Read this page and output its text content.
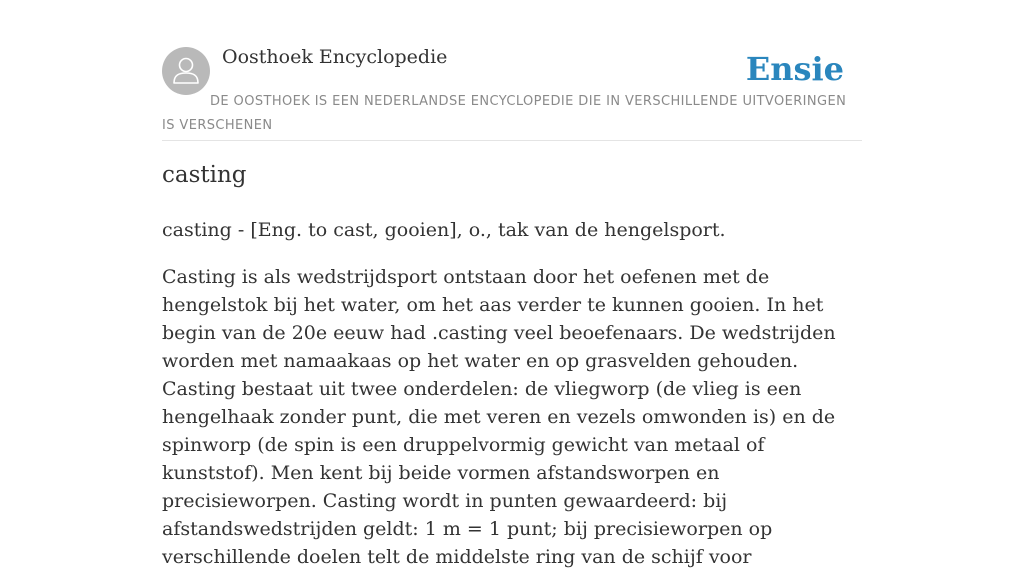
Oosthoek Encyclopedie	Ensie
DE OOSTHOEK IS EEN NEDERLANDSE ENCYCLOPEDIE DIE IN VERSCHILLENDE UITVOERINGEN IS VERSCHENEN
casting

casting - [Eng. to cast, gooien], o., tak van de hengelsport.

Casting is als wedstrijdsport ontstaan door het oefenen met de hengelstok bij het water, om het aas verder te kunnen gooien. In het begin van de 20e eeuw had .casting veel beoefenaars. De wedstrijden worden met namaakaas op het water en op grasvelden gehouden. Casting bestaat uit twee onderdelen: de vliegworp (de vlieg is een hengelhaak zonder punt, die met veren en vezels omwonden is) en de spinworp (de spin is een druppelvormig gewicht van metaal of kunststof). Men kent bij beide vormen afstandsworpen en precisieworpen. Casting wordt in punten gewaardeerd: bij afstandswedstrijden geldt: 1 m = 1 punt; bij precisieworpen op verschillende doelen telt de middelste ring van de schijf voor
